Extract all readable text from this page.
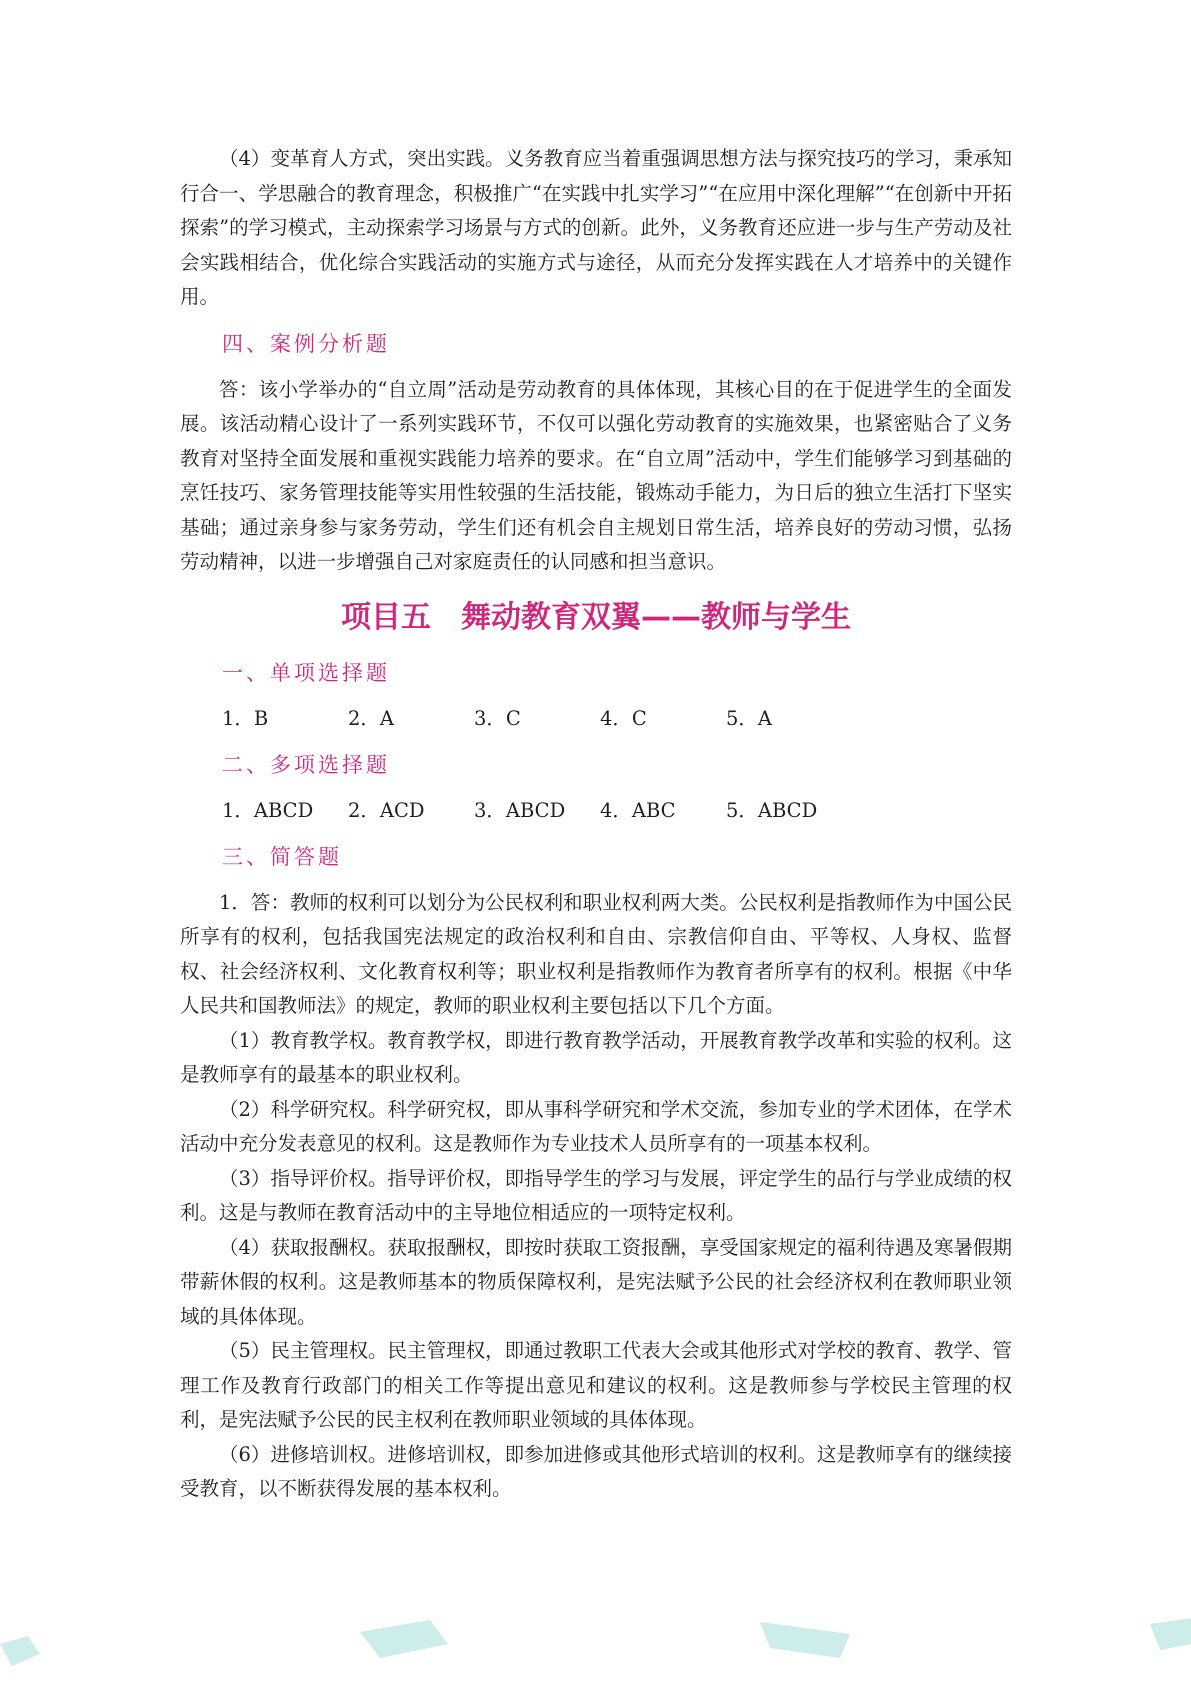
（4）变革育人方式，突出实践。义务教育应当着重强调思想方法与探究技巧的学习，秉承知行合一、学思融合的教育理念，积极推广“在实践中扎实学习”“在应用中深化理解”“在创新中开拓探索”的学习模式，主动探索学习场景与方式的创新。此外，义务教育还应进一步与生产劳动及社会实践相结合，优化综合实践活动的实施方式与途径，从而充分发挥实践在人才培养中的关键作用。

四、案例分析题

答：该小学举办的“自立周”活动是劳动教育的具体体现，其核心目的在于促进学生的全面发展。该活动精心设计了一系列实践环节，不仅可以强化劳动教育的实施效果，也紧密贴合了义务教育对坚持全面发展和重视实践能力培养的要求。在“自立周”活动中，学生们能够学习到基础的烹饪技巧、家务管理技能等实用性较强的生活技能，锻炼动手能力，为日后的独立生活打下坚实基础；通过亲身参与家务劳动，学生们还有机会自主规划日常生活，培养良好的劳动习惯，弘扬劳动精神，以进一步增强自己对家庭责任的认同感和担当意识。

项目五　舞动教育双翼——教师与学生

一、单项选择题

1．B	2．A	3．C	4．C	5．A

二、多项选择题

1．ABCD	2．ACD	3．ABCD	4．ABC	5．ABCD

三、简答题

1．答：教师的权利可以划分为公民权利和职业权利两大类。公民权利是指教师作为中国公民所享有的权利，包括我国宪法规定的政治权利和自由、宗教信仰自由、平等权、人身权、监督权、社会经济权利、文化教育权利等；职业权利是指教师作为教育者所享有的权利。根据《中华人民共和国教师法》的规定，教师的职业权利主要包括以下几个方面。

（1）教育教学权。教育教学权，即进行教育教学活动，开展教育教学改革和实验的权利。这是教师享有的最基本的职业权利。

（2）科学研究权。科学研究权，即从事科学研究和学术交流，参加专业的学术团体，在学术活动中充分发表意见的权利。这是教师作为专业技术人员所享有的一项基本权利。

（3）指导评价权。指导评价权，即指导学生的学习与发展，评定学生的品行与学业成绩的权利。这是与教师在教育活动中的主导地位相适应的一项特定权利。

（4）获取报酬权。获取报酬权，即按时获取工资报酬，享受国家规定的福利待遇及寒暑假期带薪休假的权利。这是教师基本的物质保障权利，是宪法赋予公民的社会经济权利在教师职业领域的具体体现。

（5）民主管理权。民主管理权，即通过教职工代表大会或其他形式对学校的教育、教学、管理工作及教育行政部门的相关工作等提出意见和建议的权利。这是教师参与学校民主管理的权利，是宪法赋予公民的民主权利在教师职业领域的具体体现。

（6）进修培训权。进修培训权，即参加进修或其他形式培训的权利。这是教师享有的继续接受教育，以不断获得发展的基本权利。
